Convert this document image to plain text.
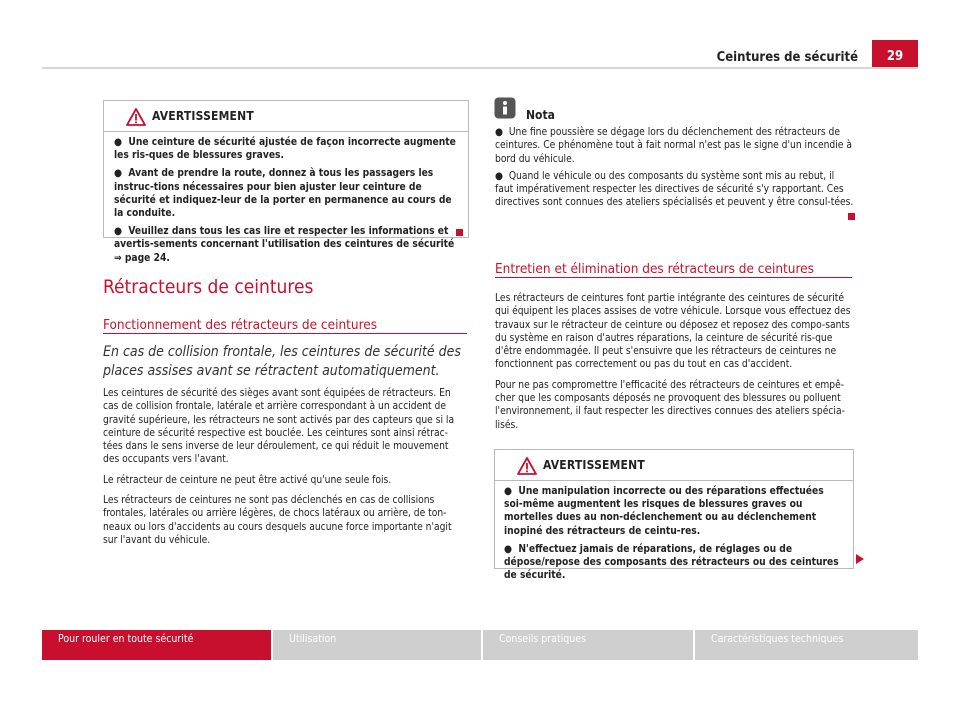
Ceintures de sécurité	29
AVERTISSEMENT
●  Une ceinture de sécurité ajustée de façon incorrecte augmente les ris-ques de blessures graves.
●  Avant de prendre la route, donnez à tous les passagers les instruc-tions nécessaires pour bien ajuster leur ceinture de sécurité et indiquez-leur de la porter en permanence au cours de la conduite.
●  Veuillez dans tous les cas lire et respecter les informations et avertis-sements concernant l'utilisation des ceintures de sécurité ⇒ page 24.
Rétracteurs de ceintures
Fonctionnement des rétracteurs de ceintures
En cas de collision frontale, les ceintures de sécurité des places assises avant se rétractent automatiquement.

Les ceintures de sécurité des sièges avant sont équipées de rétracteurs. En cas de collision frontale, latérale et arrière correspondant à un accident de gravité supérieure, les rétracteurs ne sont activés par des capteurs que si la ceinture de sécurité respective est bouclée. Les ceintures sont ainsi rétrac-tées dans le sens inverse de leur déroulement, ce qui réduit le mouvement des occupants vers l'avant.

Le rétracteur de ceinture ne peut être activé qu'une seule fois.

Les rétracteurs de ceintures ne sont pas déclenchés en cas de collisions frontales, latérales ou arrière légères, de chocs latéraux ou arrière, de ton-neaux ou lors d'accidents au cours desquels aucune force importante n'agit sur l'avant du véhicule.

Nota

●  Une fine poussière se dégage lors du déclenchement des rétracteurs de ceintures. Ce phénomène tout à fait normal n'est pas le signe d'un incendie à bord du véhicule.

●  Quand le véhicule ou des composants du système sont mis au rebut, il faut impérativement respecter les directives de sécurité s'y rapportant. Ces directives sont connues des ateliers spécialisés et peuvent y être consul-tées.

Entretien et élimination des rétracteurs de ceintures

Les rétracteurs de ceintures font partie intégrante des ceintures de sécurité qui équipent les places assises de votre véhicule. Lorsque vous effectuez des travaux sur le rétracteur de ceinture ou déposez et reposez des compo-sants du système en raison d'autres réparations, la ceinture de sécurité ris-que d'être endommagée. Il peut s'ensuivre que les rétracteurs de ceintures ne fonctionnent pas correctement ou pas du tout en cas d'accident.

Pour ne pas compromettre l'efficacité des rétracteurs de ceintures et empê-cher que les composants déposés ne provoquent des blessures ou polluent l'environnement, il faut respecter les directives connues des ateliers spécia-lisés.

AVERTISSEMENT
●  Une manipulation incorrecte ou des réparations effectuées soi-même augmentent les risques de blessures graves ou mortelles dues au non-déclenchement ou au déclenchement inopiné des rétracteurs de ceintu-res.
●  N'effectuez jamais de réparations, de réglages ou de dépose/repose des composants des rétracteurs ou des ceintures de sécurité.
Pour rouler en toute sécurité	Utilisation	Conseils pratiques	Caractéristiques techniques
